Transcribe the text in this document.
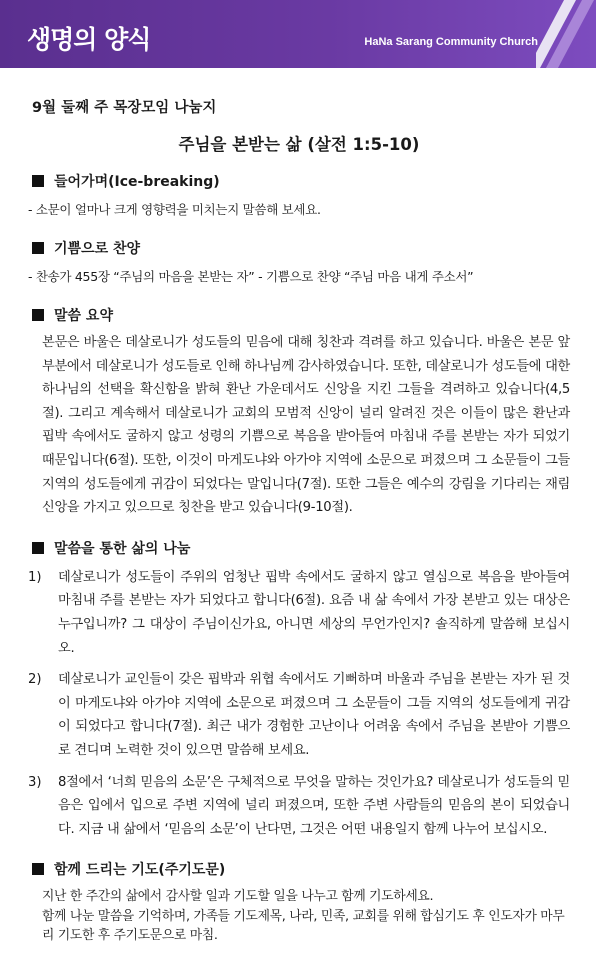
생명의 양식	HaNa Sarang Community Church
9월 둘째 주 목장모임 나눔지
주님을 본받는 삶 (살전 1:5-10)
들어가며(Ice-breaking)
- 소문이 얼마나 크게 영향력을 미치는지 말씀해 보세요.
기쁨으로 찬양
- 찬송가 455장 “주님의 마음을 본받는 자” - 기쁨으로 찬양 “주님 마음 내게 주소서”
말씀 요약
본문은 바울은 데살로니가 성도들의 믿음에 대해 칭찬과 격려를 하고 있습니다. 바울은 본문 앞부분에서 데살로니가 성도들로 인해 하나님께 감사하였습니다. 또한, 데살로니가 성도들에 대한 하나님의 선택을 확신함을 밝혀 환난 가운데서도 신앙을 지킨 그들을 격려하고 있습니다(4,5절). 그리고 계속해서 데살로니가 교회의 모범적 신앙이 널리 알려진 것은 이들이 많은 환난과 핍박 속에서도 굴하지 않고 성령의 기쁨으로 복음을 받아들여 마침내 주를 본받는 자가 되었기 때문입니다(6절). 또한, 이것이 마게도냐와 아가야 지역에 소문으로 퍼졌으며 그 소문들이 그들 지역의 성도들에게 귀감이 되었다는 말입니다(7절). 또한 그들은 예수의 강림을 기다리는 재림 신앙을 가지고 있으므로 칭찬을 받고 있습니다(9-10절).
말씀을 통한 삶의 나눔
1)	데살로니가 성도들이 주위의 엄청난 핍박 속에서도 굴하지 않고 열심으로 복음을 받아들여 마침내 주를 본받는 자가 되었다고 합니다(6절). 요즘 내 삶 속에서 가장 본받고 있는 대상은 누구입니까? 그 대상이 주님이신가요, 아니면 세상의 무언가인지? 솔직하게 말씀해 보십시오.
2)	데살로니가 교인들이 갖은 핍박과 위협 속에서도 기뻐하며 바울과 주님을 본받는 자가 된 것이 마게도냐와 아가야 지역에 소문으로 퍼졌으며 그 소문들이 그들 지역의 성도들에게 귀감이 되었다고 합니다(7절). 최근 내가 경험한 고난이나 어려움 속에서 주님을 본받아 기쁨으로 견디며 노력한 것이 있으면 말씀해 보세요.
3)	8절에서 ‘너희 믿음의 소문’은 구체적으로 무엇을 말하는 것인가요? 데살로니가 성도들의 믿음은 입에서 입으로 주변 지역에 널리 퍼졌으며, 또한 주변 사람들의 믿음의 본이 되었습니다. 지금 내 삶에서 ‘믿음의 소문’이 난다면, 그것은 어떤 내용일지 함께 나누어 보십시오.
함께 드리는 기도(주기도문)
지난 한 주간의 삶에서 감사할 일과 기도할 일을 나누고 함께 기도하세요.
함께 나눈 말씀을 기억하며, 가족들 기도제목, 나라, 민족, 교회를 위해 합심기도 후 인도자가 마무리 기도한 후 주기도문으로 마침.
